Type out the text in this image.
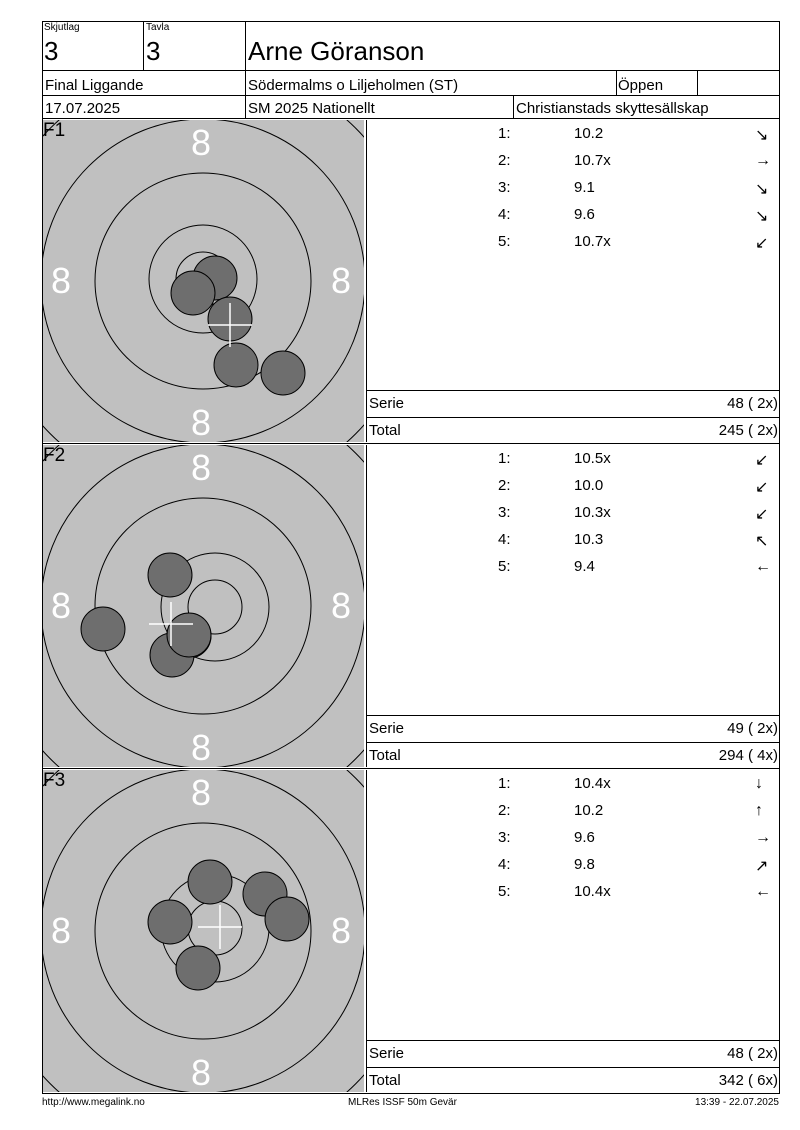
Skjutlag
3
Tavla
3	Arne Göranson
Final Liggande	Södermalms o Liljeholmen (ST)	Öppen
17.07.2025	SM 2025 Nationellt	Christianstads skyttesällskap
8
8	8
8
F1	1:	10.2	↘
2:	10.7x	→
3:	9.1	↘
4:	9.6	↘
5:	10.7x	↙
Serie	48 ( 2x)
Total	245 ( 2x)
8
8	8
8
F2	1:	10.5x	↙
2:	10.0	↙
3:	10.3x	↙
4:	10.3	↖
5:	9.4	←
Serie	49 ( 2x)
Total	294 ( 4x)
8
8	8
8
F3	1:	10.4x	↓
2:	10.2	↑
3:	9.6	→
4:	9.8	↗
5:	10.4x	←
Serie	48 ( 2x)
Total	342 ( 6x)
http://www.megalink.no	MLRes ISSF 50m Gevär	13:39 - 22.07.2025
